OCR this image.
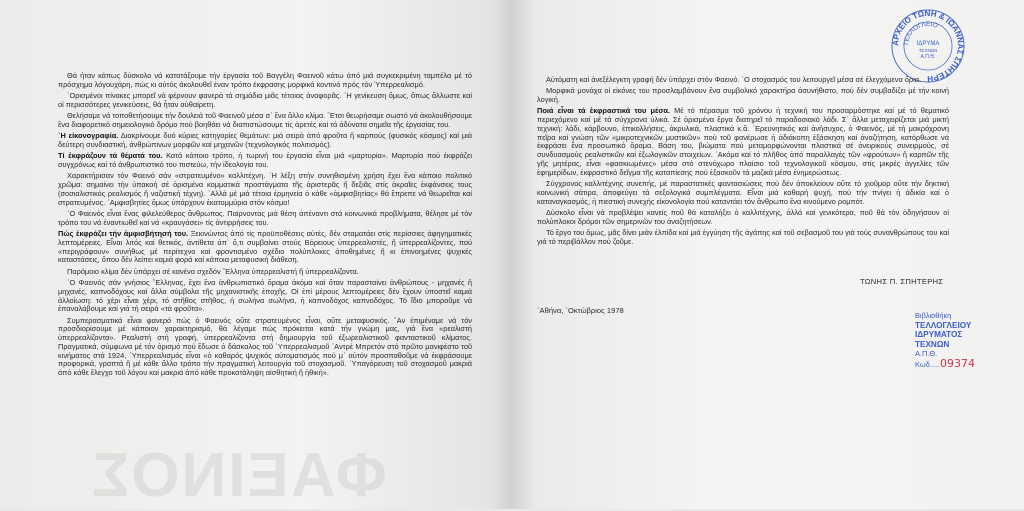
ΦΑΕΙΝΟΣ

Θά ήταν κάπως δύσκολο νά κατατάξουμε τήν έργασία τοῦ Βαγγέλη Φαεινοῦ κάτω άπό μιά συγκεκριμένη ταμπέλα μέ τό πρόσχημα λόγουχάρη, πώς κι αύτός άκολουθεῖ έναν τρόπο έκφρασης μορφικά κοντινό πρός τόν Ὑπερρεαλισμό.

῾Ορισμένοι πίνακες μπορεῖ νά φέρνουν φανερά τά σημάδια μιᾶς τέτοιας άναφορᾶς. ῾Η γενίκευση ὅμως, ὅπως ἄλλωστε καί οἱ περισσότερες γενικεύσεις, θά ἦταν αὐθαίρετη.

Θελήσαμε νά τοποθετήσουμε τήν δουλειά τοῦ Φαεινοῦ μέσα σ᾽ ἕνα ἄλλο κλίμα. ῎Ετσι θεωρήσαμε σωστό νά ἀκολουθήσουμε ἕνα διαφορετικό σημειολογικό δρόμο πού βοηθάει νά διαπιστώσουμε τίς ἀρετές καί τά ἀδύνατα σημεῖα τῆς ἐργασίας του.

῾Η εἰκονογραφία. Διακρίνουμε δυό κύριες κατηγορίες θεμάτων: μιά σειρά ἀπό φροῦτα ἤ καρπούς (φυσικός κόσμος) καί μιά δεύτερη συνδιαστική, ἀνθρώπινων μορφῶν καί μηχανῶν (τεχνολογικός πολιτισμός).

Τί ἐκφράζουν τά θέματά του. Κατά κάποιο τρόπο, ἡ τωρινή του ἐργασία εἶναι μιά «μαρτυρία». Μαρτυρία πού ἐκφράζει συγχρόνως καί τό ἀνθρωπιστικό του πιστεύω, τήν ἰδεολογία του.

Χαρακτήρισαν τόν Φαεινό σάν «στρατευμένο» καλλιτέχνη. ῾Η λέξη στήν συνηθισμένη χρήση ἔχει ἕνα κάποιο πολιτικό χρῶμα: σημαίνει τήν ὑπακοή σέ ὁρισμένα κομματικά προστάγματα τῆς ἀριστερᾶς ἤ δεξιᾶς στίς ἀκραῖες ἐκφάνσεις τους (σοσιαλιστικός ρεαλισμός ἤ ναζιστική τέχνη). ᾽Αλλά μέ μιά τέτοια ἑρμηνεία ὁ κάθε «ἀμφισβητίας» θά ἔπρεπε νά θεωρεῖται καί στρατευμένος. ᾽Αμφισβητίες ὅμως ὑπάρχουν ἑκατομμύρια στόν κόσμο!

῾Ο Φαεινός εἶναι ἕνας φιλελεύθερος ἄνθρωπος. Παίρνοντας μιά θέση ἀπέναντι στά κοινωνικά προβλήματα, θέλησε μέ τόν τρόπο του νά ἐναντιωθεῖ καί νά «κραυγάσει» τίς ἀντιρρήσεις του.

Πώς ἐκφράζει τήν ἀμφισβήτησή του. Ξεκινώντας ἀπό τίς προϋποθέσεις αὐτές, δέν σταματάει στίς περίσσιες ἀφηγηματικές λεπτομέρειες. Εἶναι λιτός καί θετικός, ἀντίθετα ἀπ᾽ ὅ,τι συμβαίνει στούς Βόρειους ὑπερρεαλιστές, ἤ ὑπερρεαλίζοντες, πού «περιγράφουν» συνήθως μέ περίτεχνο καί φροντισμένο σχέδιο πολύπλοκες ἀποθημένες ἤ κι ἐπινοημένες ψυχικές καταστάσεις, ὅπου δέν λείπει καμιά φορά καί κάποια μεταφυσική διάθεση.

Παρόμοιο κλίμα δέν ὑπάρχει σέ κανένα σχεδόν ῞Ελληνα ὑπερρεαλιστή ἤ ὑπερρεαλίζοντα.

῾Ο Φαεινός σάν γνήσιος ῞Ελληνας, ἔχει ἕνα ἀνθρωπιστικό ὅραμα ἀκόμα καί ὅταν παρασταίνει ἀνθρώπους - μηχανές ἤ μηχανές, καπνοδόχους καί ἄλλα σύμβολα τῆς μηχανιστικῆς ἐποχῆς. Οἱ ἐπί μέρους λεπτομέρειες δέν ἔχουν ὑποστεῖ καμιά ἀλλοίωση: τό χέρι εἶναι χέρι, τό στῆθος στῆθος, ἡ σωλήνα σωλήνα, ἡ καπνοδόχος καπνοδόχος. Τό ἴδιο μποροῦμε νά ἐπαναλάβουμε καί γιά τή σειρά «τά φροῦτα».

Συμπερασματικά εἶναι φανερό πώς ὁ Φαεινός οὔτε στρατευμένος εἶναι, οὔτε μεταφυσικός. ῎Αν ἐπιμέναμε νά τόν προσδιορίσουμε μέ κάποιον χαρακτηρισμό, θά λέγαμε πώς πρόκειται κατά τήν γνώμη μας, γιά ἕνα «ρεαλιστή ὑπερρεαλίζοντα». Ρεαλιστή στή γραφή, ὑπερρεαλίζοντα στή δημιουργία τοῦ ἐξωρεαλιστικοῦ φανταστικοῦ κλίματος. Πραγματικά, σύμφωνα μέ τόν ὁρισμό πού ἔδωσε ὁ δάσκαλος τοῦ ῾Υπερρεαλισμοῦ ᾽Αντρέ Μπρετόν στό πρῶτο μανιφέστο τοῦ κινήματος στά 1924, ῾Υπερρεαλισμός εἶναι «ὁ καθαρός ψυχικός αὐτοματισμός πού μ᾽ αὐτόν προσπαθοῦμε νά ἐκφράσουμε προφορικά, γραπτά ἤ μέ κάθε ἄλλο τρόπο τήν πραγματική λειτουργία τοῦ στοχασμοῦ. ῾Υπαγόρευση τοῦ στοχασμοῦ μακριά ἀπό κάθε ἔλεγχο τοῦ λόγου καί μακριά ἀπό κάθε προκατάληψη αἰσθητική ἤ ἠθική».

ΑΡΧΕΙΟ ΤΩΝΗ & ΙΩΑΝΝΑΣ ΣΠΗΤΕΡΗ
ΤΕΛΛΟΓΛΕΙΟ
ΙΔΡΥΜΑ
ΤΕΧΝΩΝ
Α.Π.Θ.

Αὐτόματη καί ἀνεξέλεγκτη γραφή δέν ὑπάρχει στόν Φαεινό. ῾Ο στοχασμός του λειτουργεῖ μέσα σέ ἐλεγχόμενα ὅρια.

Μορφικά μονάχα οἱ εἰκόνες του προσλαμβάνουν ἕνα συμβολικό χαρακτήρα ἀσυνήθιστο, πού δέν συμβαδίζει μέ τήν κοινή λογική.

Ποιά εἶναι τά ἐκφραστικά του μέσα. Μέ τό πέρασμα τοῦ χρόνου ἡ τεχνική του προσαρμόστηκε καί μέ τό θεματικό περιεχόμενο καί μέ τά σύγχρονα ὑλικά. Σέ ὁρισμένα ἔργα διατηρεῖ τό παραδοσιακό λάδι. Σ᾽ ἄλλα μεταχειρίζεται μιά μικτή τεχνική: λάδι, κάρβουνο, ἐπικολλήσεις, ἀκρυλικά, πλαστικά κ.ἄ. ᾽Ερευνητικός καί ἀνήσυχος, ὁ Φαεινός, μέ τή μακρόχρονη πεῖρα καί γνώση τῶν «μικροτεχνικῶν μυστικῶν» πού τοῦ φανέρωσε ἡ ἀδιάκοπη ἐξάσκηση καί ἀναζήτηση, κατόρθωσε νά ἐκφράσει ἕνα προσωπικό ὅραμα. Βάση του, βιώματα πού μεταμορφώνονται πλαστικά σέ ὀνειρικούς συνειρμούς, σέ συνδυασμούς ρεαλιστικῶν καί ἐξωλογικῶν στοιχείων. ᾽Ακόμα καί τό πλῆθος ἀπό παραλλαγές τῶν «φρούτων» ἤ καρπῶν τῆς γῆς μητέρας, εἶναι «φασκιωμένες» μέσα στό στενόχωρο πλαίσιο τοῦ τεχνολογικοῦ κόσμου, στίς μικρές ἀγγελίες τῶν ἐφημερίδων, ἐκφραστικό δεῖγμα τῆς καταπίεσης πού ἐξασκοῦν τά μαζικά μέσα ἐνημερώσεως.

Σύγχρονος καλλιτέχνης συνεπής, μέ παραστατικές φαντασιώσεις πού δέν ἀποκλείουν οὔτε τό χιοῦμορ οὔτε τήν δηκτική κοινωνική σάτιρα, ἀποφεύγει τά σεξολογικά συμπλέγματα. Εἶναι μιά καθαρή ψυχή, πού τήν πνίγει ἡ ἀδικία καί ὁ καταναγκασμός, ἡ πιεστική συνεχής εἰκονολογία πού καταντάει τόν ἄνθρωπο ἕνα κινούμενο ρομπότ.

Δύσκολο εἶναι νά προβλέψει κανείς ποῦ θά καταλήξει ὁ καλλιτέχνης, ἀλλά καί γενικότερα, ποῦ θά τόν ὁδηγήσουν οἱ πολύπλοκοι δρόμοι τῶν σημερινῶν του ἀναζητήσεων.

Τό ἔργο του ὅμως, μᾶς δίνει μιάν ἐλπίδα καί μιά ἐγγύηση τῆς ἀγάπης καί τοῦ σεβασμοῦ του γιά τούς συνανθρώπους του καί γιά τό περιβάλλον πού ζοῦμε.

ΤΩΝΗΣ Π. ΣΠΗΤΕΡΗΣ
᾽Αθήνα, ᾽Οκτώβριος 1978
Βιβλιοθήκη
ΤΕΛΛΟΓΛΕΙΟΥ
ΙΔΡΥΜΑΤΟΣ
ΤΕΧΝΩΝ
Α.Π.Θ.
Κωδ.....09374
